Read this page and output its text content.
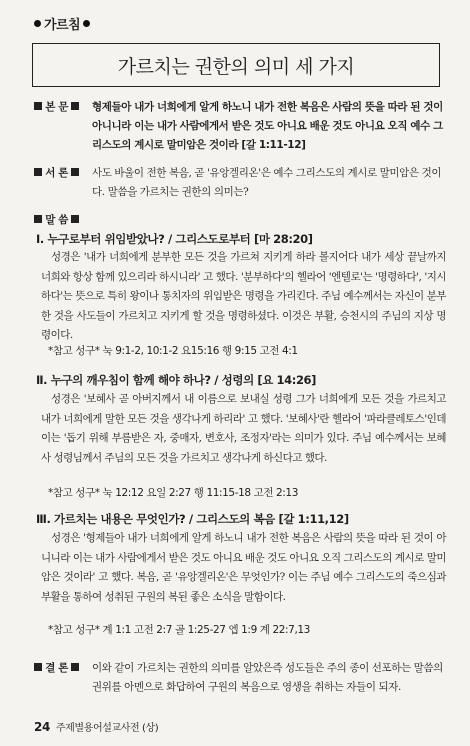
가르침
가르치는 권한의 의미 세 가지
본 문	형제들아 내가 너희에게 알게 하노니 내가 전한 복음은 사람의 뜻을 따라 된 것이 아니니라 이는 내가 사람에게서 받은 것도 아니요 배운 것도 아니요 오직 예수 그리스도의 계시로 말미암은 것이라 [갈 1:11-12]
서 론	사도 바울이 전한 복음, 곧 '유앙겔리온'은 예수 그리스도의 계시로 말미암은 것이다. 말씀을 가르치는 권한의 의미는?
말 씀
Ⅰ. 누구로부터 위임받았나? / 그리스도로부터 [마 28:20]
성경은 '내가 너희에게 분부한 모든 것을 가르쳐 지키게 하라 볼지어다 내가 세상 끝날까지 너희와 항상 함께 있으리라 하시니라' 고 했다. '분부하다'의 헬라어 '엔텔로'는 '명령하다', '지시하다'는 뜻으로 특히 왕이나 통치자의 위임받은 명령을 가리킨다. 주님 예수께서는 자신이 분부한 것을 사도들이 가르치고 지키게 할 것을 명령하셨다. 이것은 부활, 승천시의 주님의 지상 명령이다.
*참고 성구* 눅 9:1-2, 10:1-2 요15:16 행 9:15 고전 4:1
Ⅱ. 누구의 깨우침이 함께 해야 하나? / 성령의 [요 14:26]
성경은 '보혜사 곧 아버지께서 내 이름으로 보내실 성령 그가 너희에게 모든 것을 가르치고 내가 너희에게 말한 모든 것을 생각나게 하리라' 고 했다. '보혜사'란 헬라어 '파라클레토스'인데 이는 '돕기 위해 부름받은 자, 중매자, 변호사, 조정자'라는 의미가 있다. 주님 예수께서는 보혜사 성령님께서 주님의 모든 것을 가르치고 생각나게 하신다고 했다.
*참고 성구* 눅 12:12 요일 2:27 행 11:15-18 고전 2:13
Ⅲ. 가르치는 내용은 무엇인가? / 그리스도의 복음 [갈 1:11,12]
성경은 '형제들아 내가 너희에게 알게 하노니 내가 전한 복음은 사람의 뜻을 따라 된 것이 아니니라 이는 내가 사람에게서 받은 것도 아니요 배운 것도 아니요 오직 그리스도의 계시로 말미암은 것이라' 고 했다. 복음, 곧 '유앙겔리온'은 무엇인가? 이는 주님 예수 그리스도의 죽으심과 부활을 통하여 성취된 구원의 복된 좋은 소식을 말함이다.
*참고 성구* 계 1:1 고전 2:7 골 1:25-27 엡 1:9 계 22:7,13
결 론	이와 같이 가르치는 권한의 의미를 알았은즉 성도들은 주의 종이 선포하는 말씀의 권위를 아멘으로 화답하여 구원의 복음으로 영생을 취하는 자들이 되자.
24 주제별용어설교사전 (상)
